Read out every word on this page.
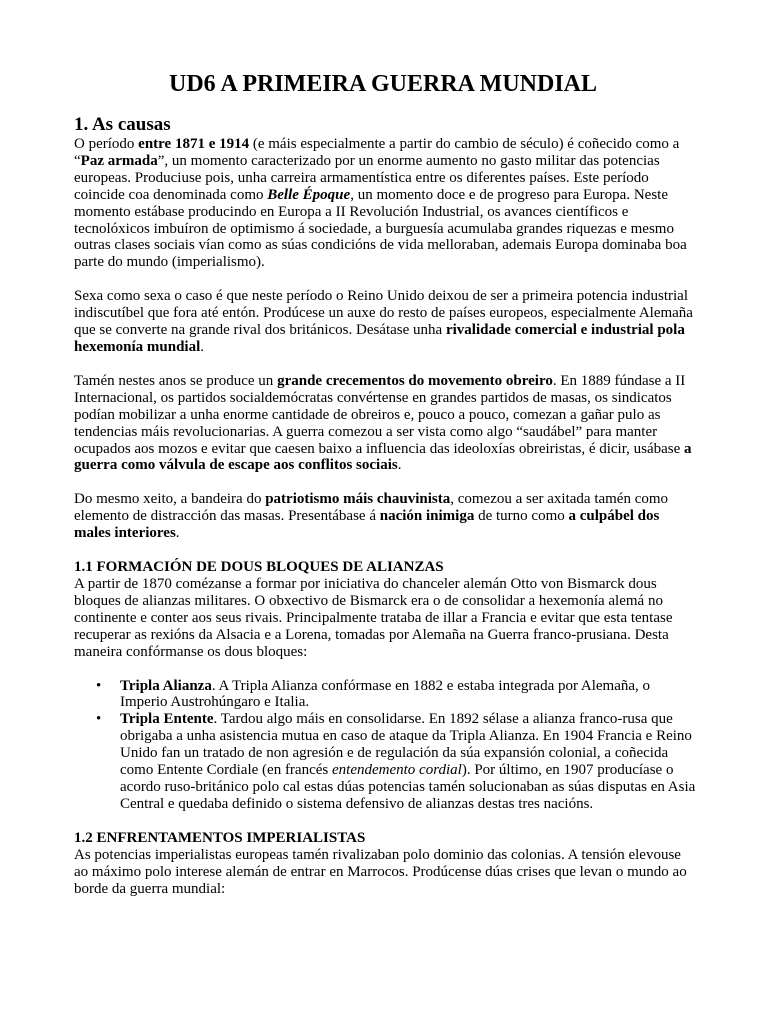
UD6 A PRIMEIRA GUERRA MUNDIAL
1. As causas

O período entre 1871 e 1914 (e máis especialmente a partir do cambio de século) é coñecido como a “Paz armada”, un momento caracterizado por un enorme aumento no gasto militar das potencias europeas. Produciuse pois, unha carreira armamentística entre os diferentes países. Este período coincide coa denominada como Belle Époque, un momento doce e de progreso para Europa. Neste momento estábase producindo en Europa a II Revolución Industrial, os avances científicos e tecnolóxicos imbuíron de optimismo á sociedade, a burguesía acumulaba grandes riquezas e mesmo outras clases sociais vían como as súas condicións de vida melloraban, ademais Europa dominaba boa parte do mundo (imperialismo).

Sexa como sexa o caso é que neste período o Reino Unido deixou de ser a primeira potencia industrial indiscutíbel que fora até entón. Prodúcese un auxe do resto de países europeos, especialmente Alemaña que se converte na grande rival dos británicos. Desátase unha rivalidade comercial e industrial pola hexemonía mundial.

Tamén nestes anos se produce un grande crecementos do movemento obreiro. En 1889 fúndase a II Internacional, os partidos socialdemócratas convértense en grandes partidos de masas, os sindicatos podían mobilizar a unha enorme cantidade de obreiros e, pouco a pouco, comezan a gañar pulo as tendencias máis revolucionarias. A guerra comezou a ser vista como algo “saudábel” para manter ocupados aos mozos e evitar que caesen baixo a influencia das ideoloxías obreiristas, é dicir, usábase a guerra como válvula de escape aos conflitos sociais.

Do mesmo xeito, a bandeira do patriotismo máis chauvinista, comezou a ser axitada tamén como elemento de distracción das masas. Presentábase á nación inimiga de turno como a culpábel dos males interiores.

1.1 FORMACIÓN DE DOUS BLOQUES DE ALIANZAS

A partir de 1870 comézanse a formar por iniciativa do chanceler alemán Otto von Bismarck dous bloques de alianzas militares. O obxectivo de Bismarck era o de consolidar a hexemonía alemá no continente e conter aos seus rivais. Principalmente trataba de illar a Francia e evitar que esta tentase recuperar as rexións da Alsacia e a Lorena, tomadas por Alemaña na Guerra franco-prusiana. Desta maneira confórmanse os dous bloques:

• Tripla Alianza. A Tripla Alianza confórmase en 1882 e estaba integrada por Alemaña, o Imperio Austrohúngaro e Italia.
• Tripla Entente. Tardou algo máis en consolidarse. En 1892 sélase a alianza franco-rusa que obrigaba a unha asistencia mutua en caso de ataque da Tripla Alianza. En 1904 Francia e Reino Unido fan un tratado de non agresión e de regulación da súa expansión colonial, a coñecida como Entente Cordiale (en francés entendemento cordial). Por último, en 1907 producíase o acordo ruso-británico polo cal estas dúas potencias tamén solucionaban as súas disputas en Asia Central e quedaba definido o sistema defensivo de alianzas destas tres nacións.
1.2 ENFRENTAMENTOS IMPERIALISTAS

As potencias imperialistas europeas tamén rivalizaban polo dominio das colonias. A tensión elevouse ao máximo polo interese alemán de entrar en Marrocos. Prodúcense dúas crises que levan o mundo ao borde da guerra mundial:
